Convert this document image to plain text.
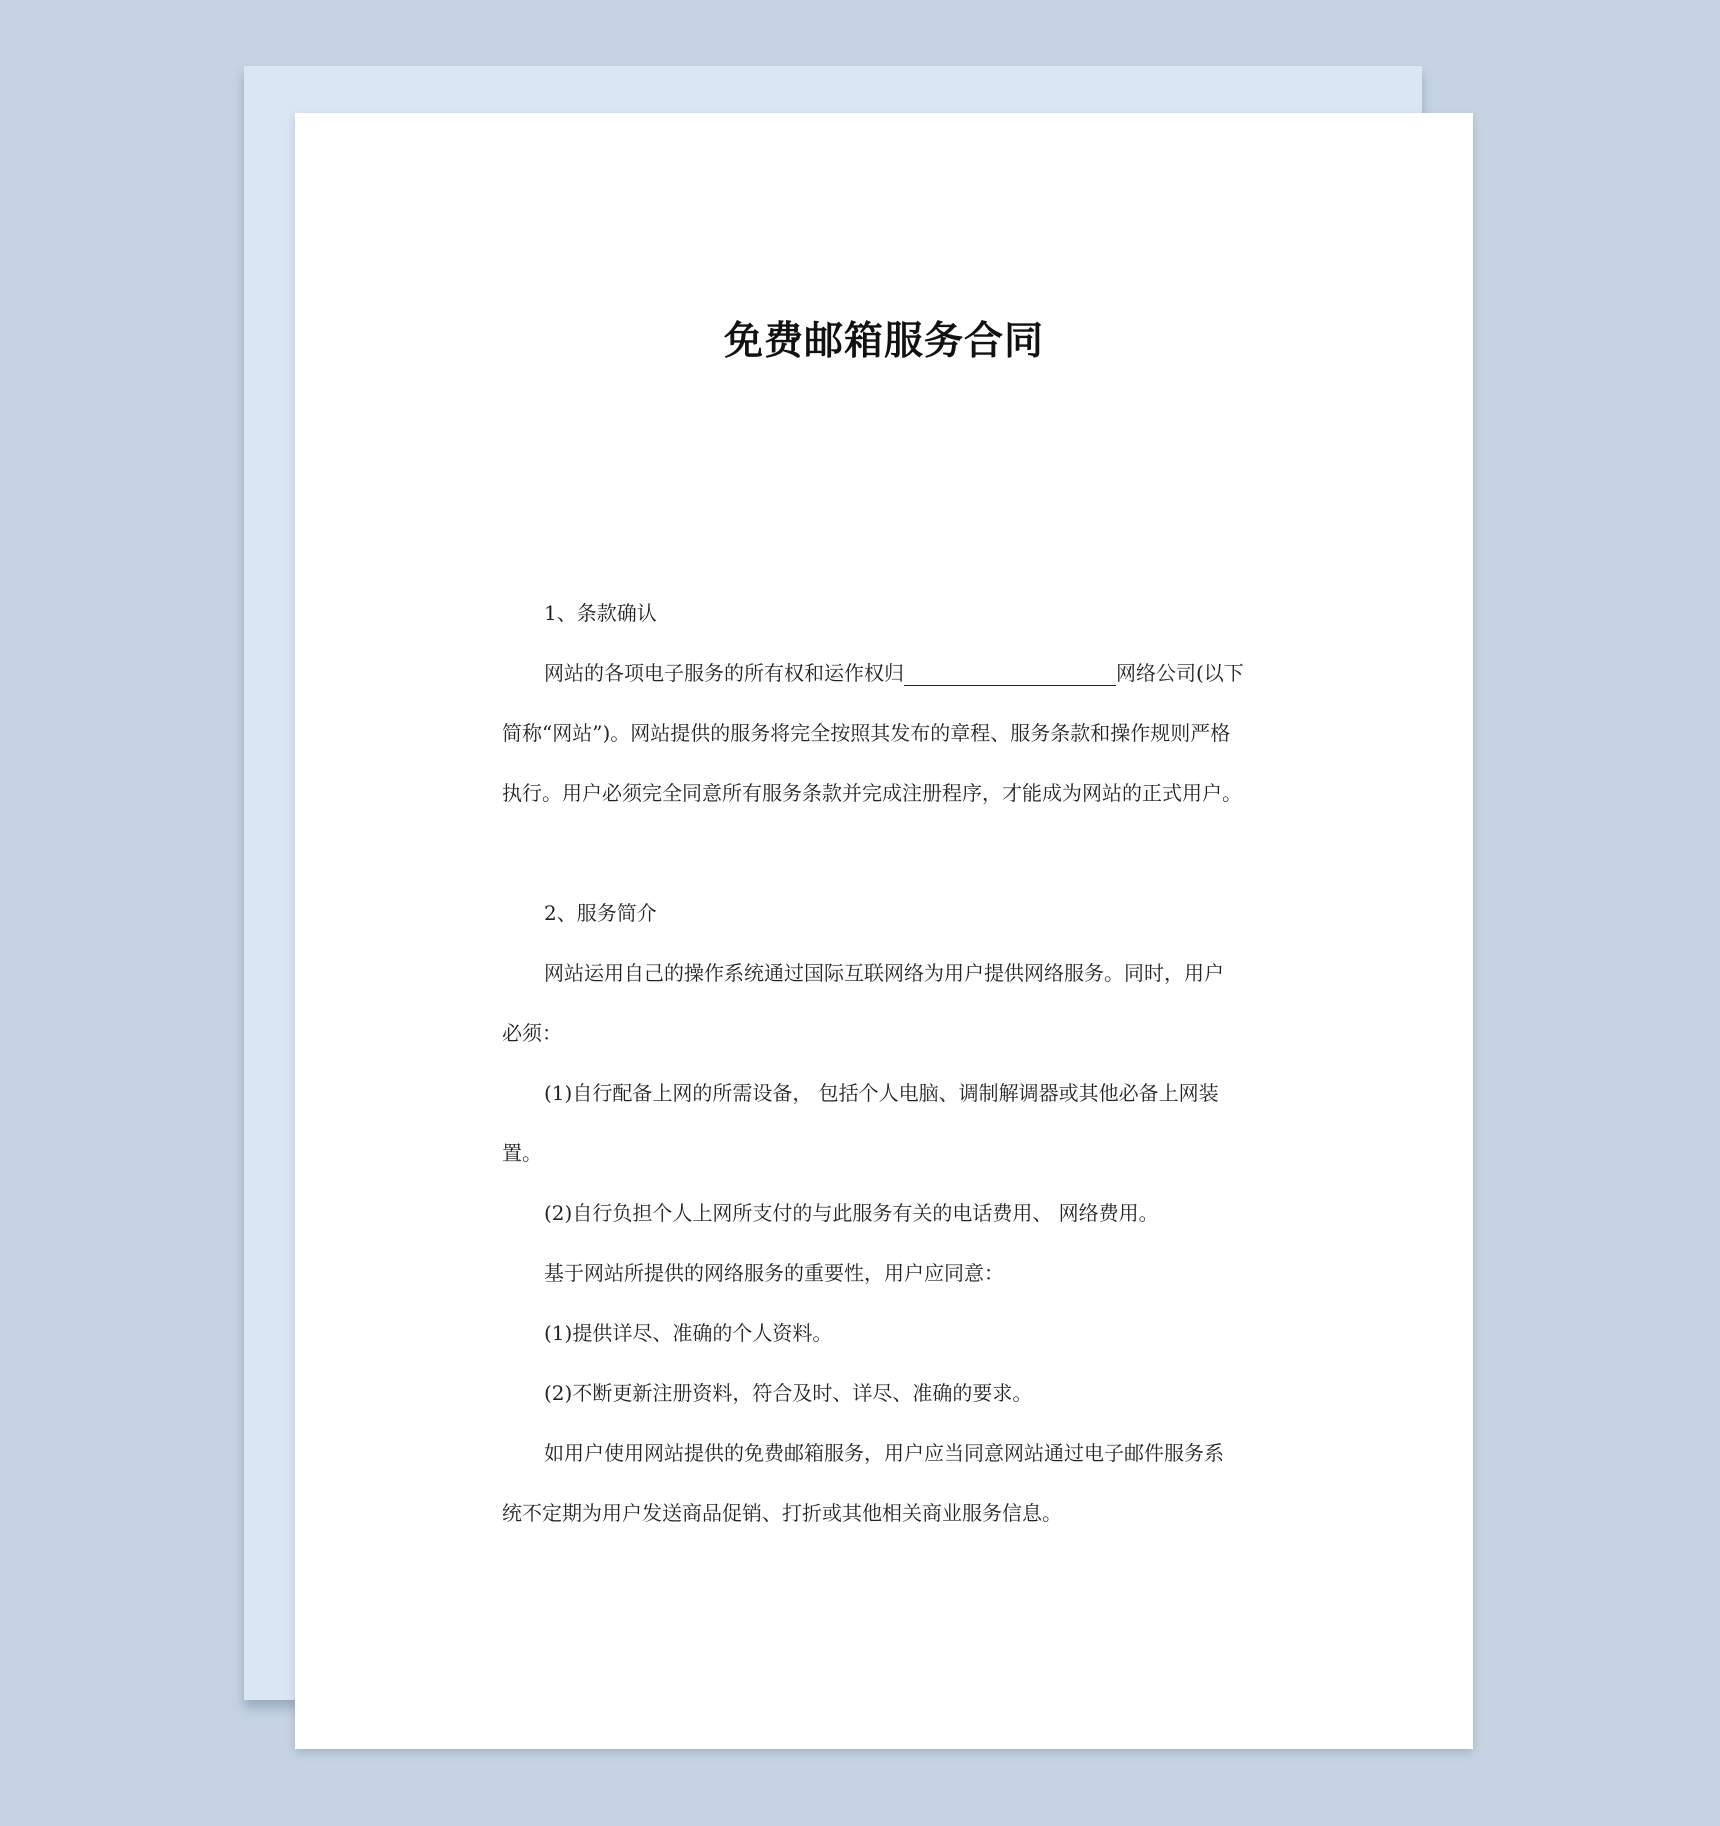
免费邮箱服务合同
1、条款确认
网站的各项电子服务的所有权和运作权归	网络公司(以下
简称“网站”)。网站提供的服务将完全按照其发布的章程、服务条款和操作规则严格
执行。用户必须完全同意所有服务条款并完成注册程序，才能成为网站的正式用户。
2、服务简介
网站运用自己的操作系统通过国际互联网络为用户提供网络服务。同时，用户
必须：
(1)自行配备上网的所需设备， 包括个人电脑、调制解调器或其他必备上网装
置。
(2)自行负担个人上网所支付的与此服务有关的电话费用、 网络费用。
基于网站所提供的网络服务的重要性，用户应同意：
(1)提供详尽、准确的个人资料。
(2)不断更新注册资料，符合及时、详尽、准确的要求。
如用户使用网站提供的免费邮箱服务，用户应当同意网站通过电子邮件服务系
统不定期为用户发送商品促销、打折或其他相关商业服务信息。
